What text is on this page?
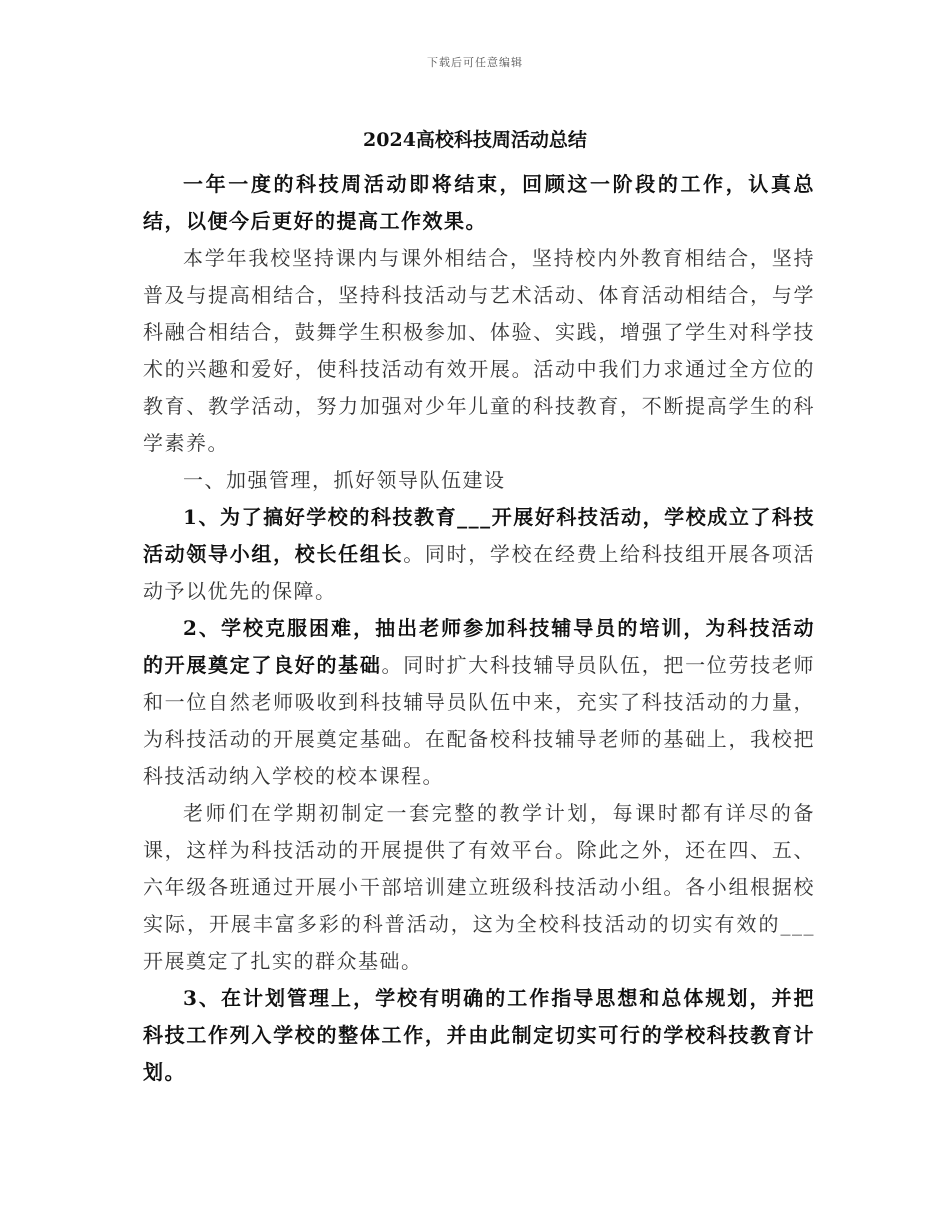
下载后可任意编辑
2024高校科技周活动总结

一年一度的科技周活动即将结束，回顾这一阶段的工作，认真总结，以便今后更好的提高工作效果。

本学年我校坚持课内与课外相结合，坚持校内外教育相结合，坚持普及与提高相结合，坚持科技活动与艺术活动、体育活动相结合，与学科融合相结合，鼓舞学生积极参加、体验、实践，增强了学生对科学技术的兴趣和爱好，使科技活动有效开展。活动中我们力求通过全方位的教育、教学活动，努力加强对少年儿童的科技教育，不断提高学生的科学素养。

一、加强管理，抓好领导队伍建设

1、为了搞好学校的科技教育___开展好科技活动，学校成立了科技活动领导小组，校长任组长。同时，学校在经费上给科技组开展各项活动予以优先的保障。

2、学校克服困难，抽出老师参加科技辅导员的培训，为科技活动的开展奠定了良好的基础。同时扩大科技辅导员队伍，把一位劳技老师和一位自然老师吸收到科技辅导员队伍中来，充实了科技活动的力量，为科技活动的开展奠定基础。在配备校科技辅导老师的基础上，我校把科技活动纳入学校的校本课程。

老师们在学期初制定一套完整的教学计划，每课时都有详尽的备课，这样为科技活动的开展提供了有效平台。除此之外，还在四、五、六年级各班通过开展小干部培训建立班级科技活动小组。各小组根据校实际，开展丰富多彩的科普活动，这为全校科技活动的切实有效的___开展奠定了扎实的群众基础。

3、在计划管理上，学校有明确的工作指导思想和总体规划，并把科技工作列入学校的整体工作，并由此制定切实可行的学校科技教育计划。
